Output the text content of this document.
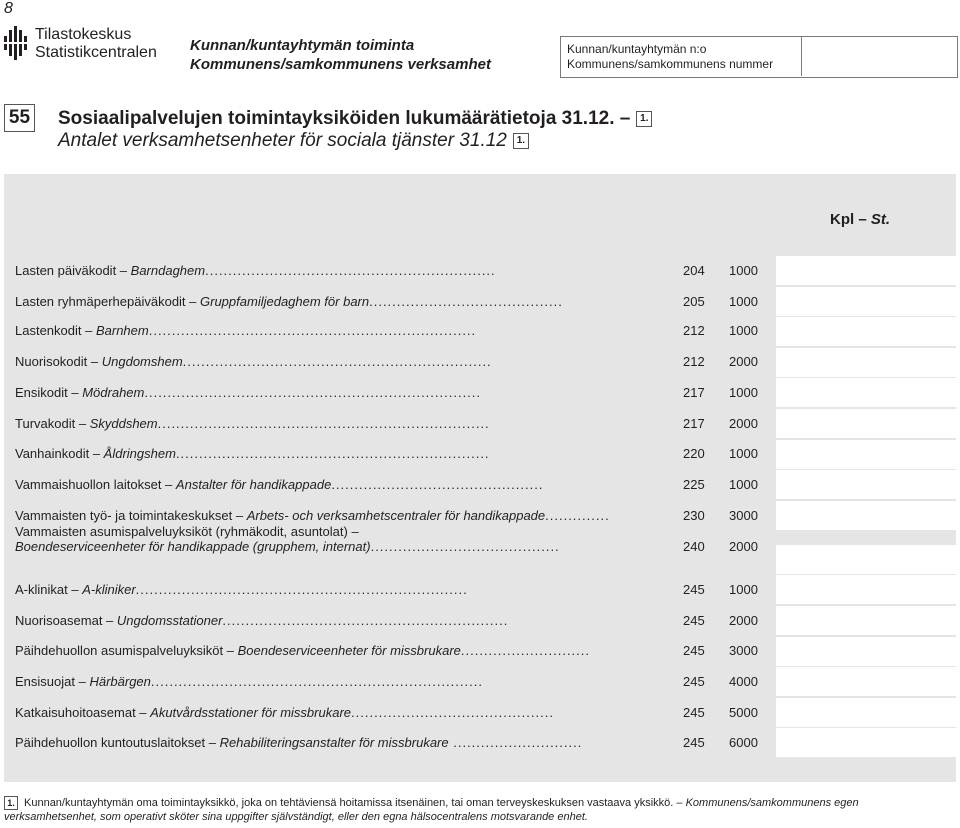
8
Tilastokeskus
Statistikcentralen Kunnan/kuntayhtymän toiminta
Kommunens/samkommunens verksamhet
Kunnan/kuntayhtymän n:o
Kommunens/samkommunens nummer
55 Sosiaalipalvelujen toimintayksiköiden lukumäärätietoja 31.12. – 1.
Antalet verksamhetsenheter för sociala tjänster 31.12 1.
Kpl – St.
Lasten päiväkodit – Barndaghem...............................................................	204	1000
Lasten ryhmäperhepäiväkodit – Gruppfamiljedaghem för barn..........................................	205	1000
Lastenkodit – Barnhem.......................................................................	212	1000
Nuorisokodit – Ungdomshem...................................................................	212	2000
Ensikodit – Mödrahem.........................................................................	217	1000
Turvakodit – Skyddshem........................................................................	217	2000
Vanhainkodit – Åldringshem....................................................................	220	1000
Vammaishuollon laitokset – Anstalter för handikappade..............................................	225	1000
Vammaisten työ- ja toimintakeskukset – Arbets- och verksamhetscentraler för handikappade..............	230	3000
Vammaisten asumispalveluyksiköt (ryhmäkodit, asuntolat) –
Boendeserviceenheter för handikappade (grupphem, internat).........................................	240	2000
A-klinikat – A-kliniker........................................................................	245	1000
Nuorisoasemat – Ungdomsstationer..............................................................	245	2000
Päihdehuollon asumispalveluyksiköt – Boendeserviceenheter för missbrukare............................	245	3000
Ensisuojat – Härbärgen........................................................................	245	4000
Katkaisuhoitoasemat – Akutvårdsstationer för missbrukare............................................	245	5000
Päihdehuollon kuntoutuslaitokset – Rehabiliteringsanstalter för missbrukare ............................	245	6000
1. Kunnan/kuntayhtymän oma toimintayksikkö, joka on tehtäviensä hoitamissa itsenäinen, tai oman terveyskeskuksen vastaava yksikkö. – Kommunens/samkommunens egen verksamhetsenhet, som operativt sköter sina uppgifter självständigt, eller den egna hälsocentralens motsvarande enhet.
